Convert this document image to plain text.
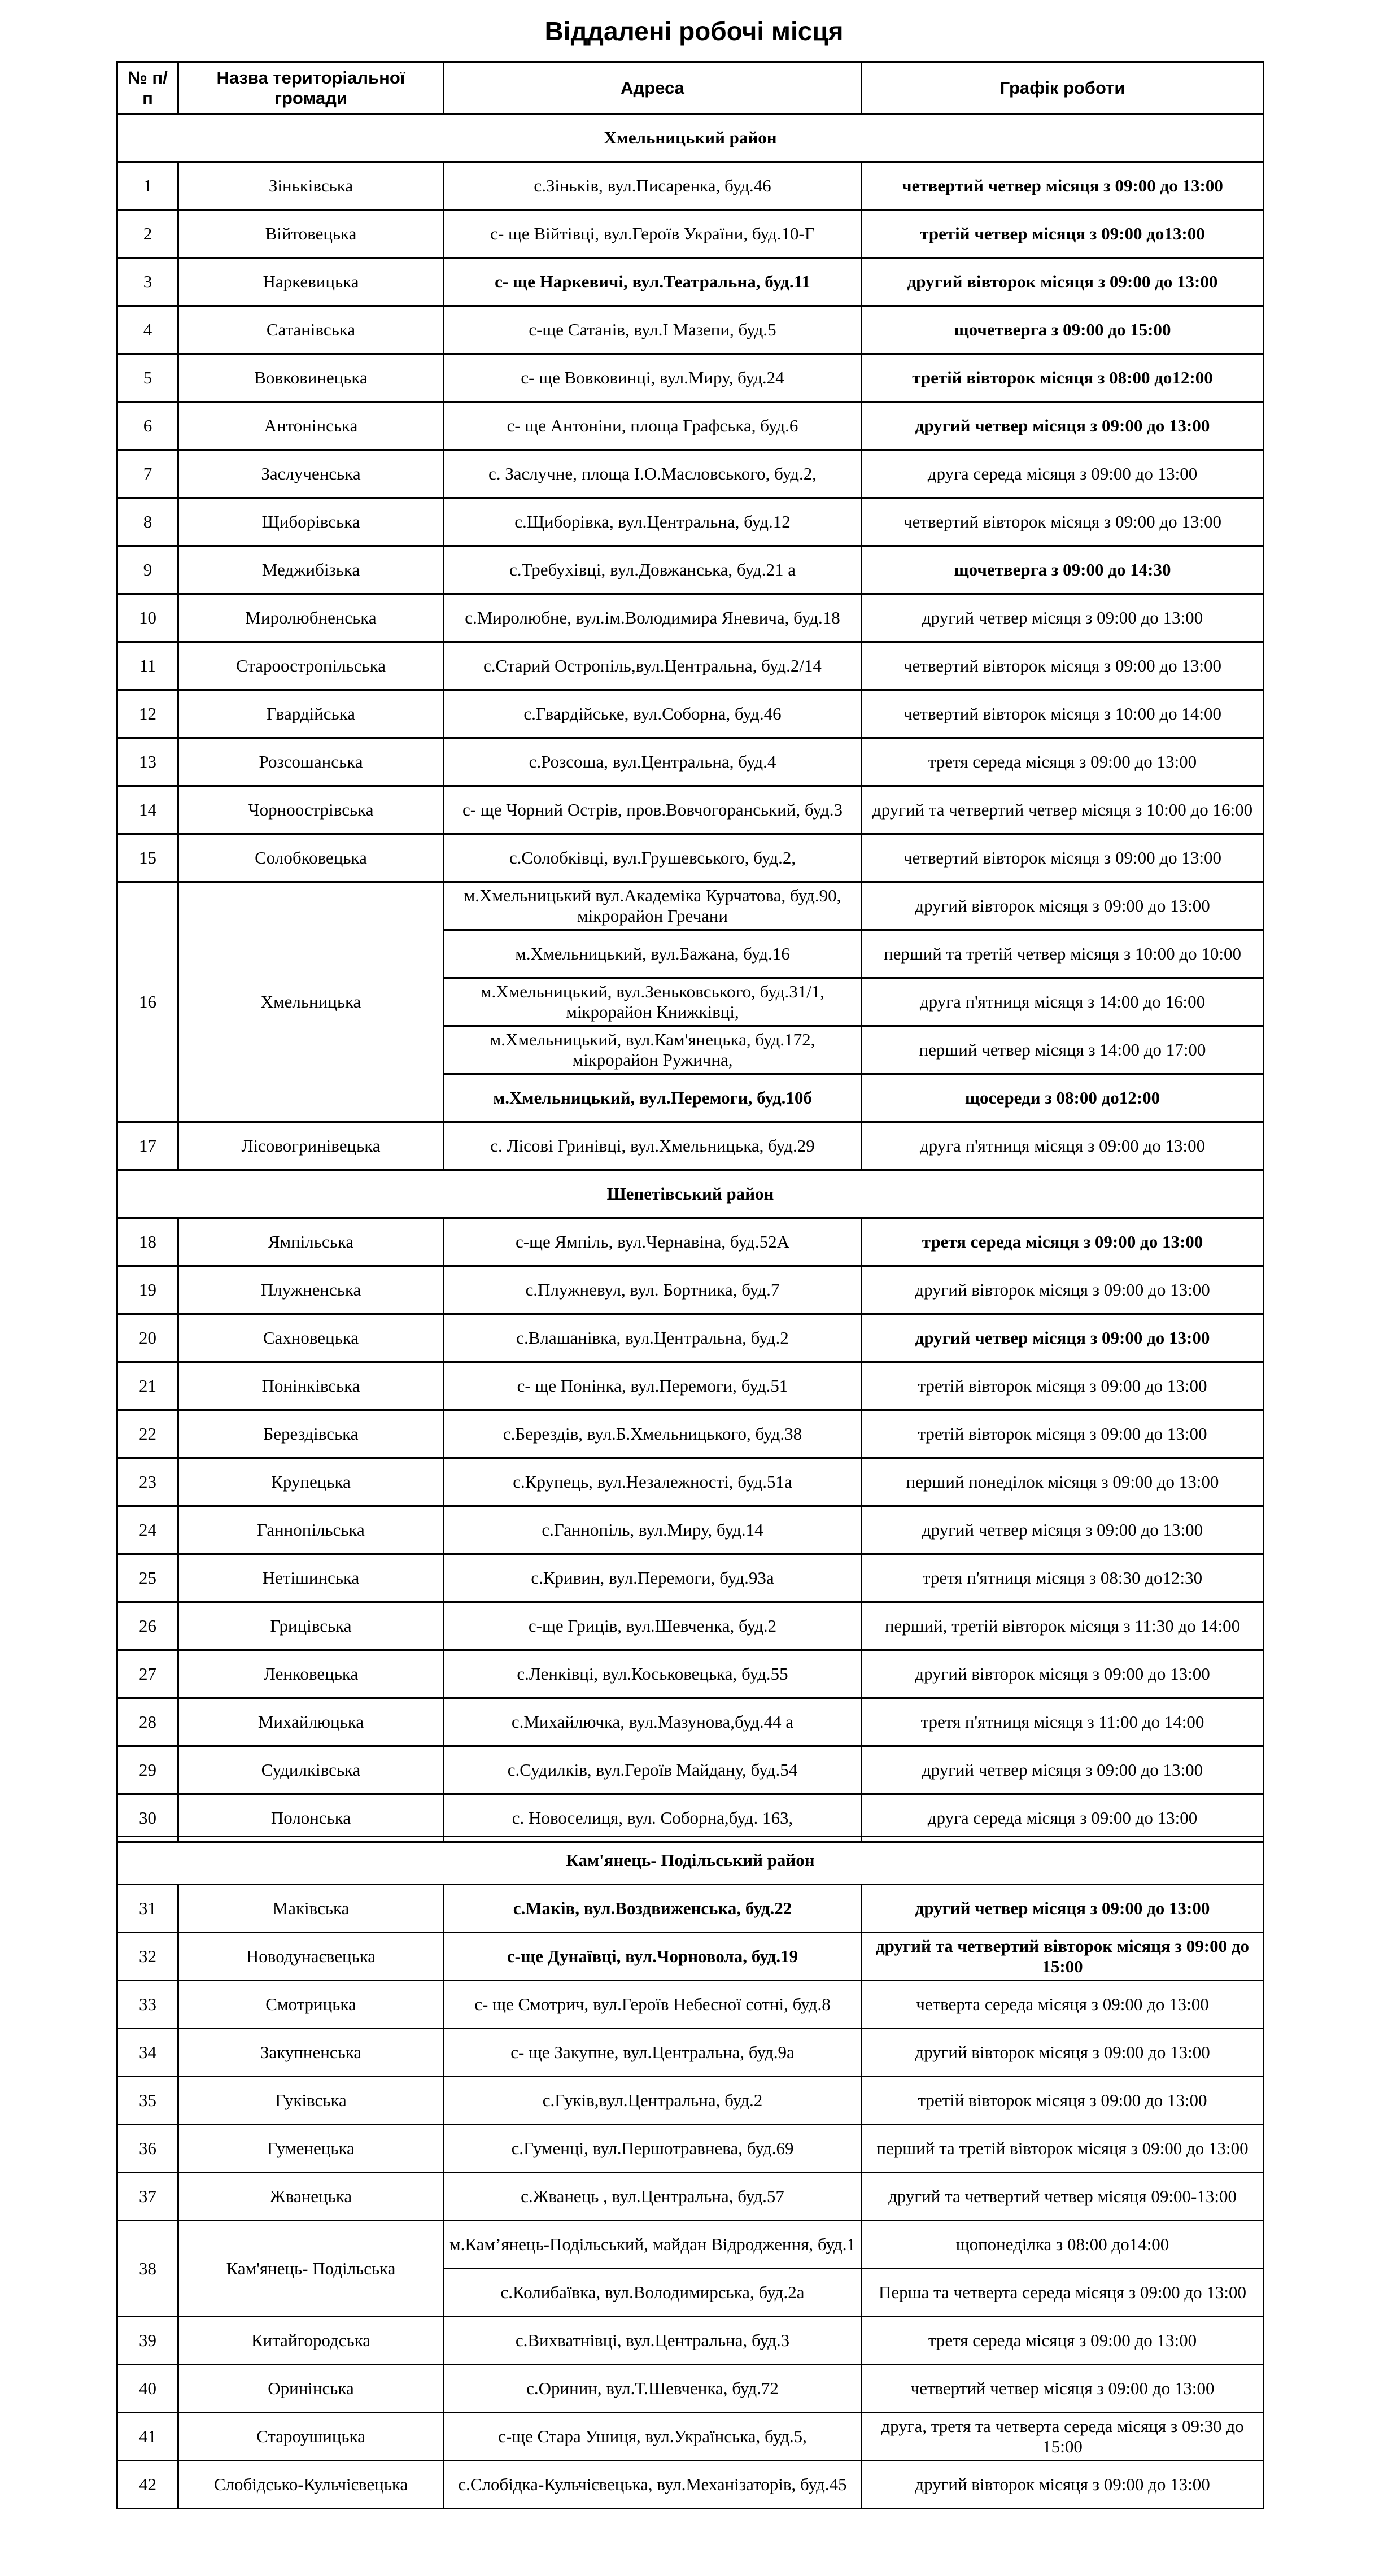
Віддалені робочі місця
№ п/п	Назва територіальної громади	Адреса	Графік роботи
Хмельницький район			
1	Зіньківська	с.Зіньків, вул.Писаренка, буд.46	четвертий четвер місяця з 09:00 до 13:00
2	Війтовецька	с- ще Війтівці, вул.Героїв України, буд.10-Г	третій четвер місяця з 09:00 до13:00
3	Наркевицька	с- ще Наркевичі, вул.Театральна, буд.11	другий вівторок місяця з 09:00 до 13:00
4	Сатанівська	с-ще Сатанів, вул.І Мазепи, буд.5	щочетверга з 09:00 до 15:00
5	Вовковинецька	с- ще Вовковинці, вул.Миру, буд.24	третій вівторок місяця з 08:00 до12:00
6	Антонінська	с- ще Антоніни, площа Графська, буд.6	другий четвер місяця з 09:00 до 13:00
7	Заслученська	с. Заслучне, площа І.О.Масловського, буд.2,	друга середа місяця з 09:00 до 13:00
8	Щиборівська	с.Щиборівка, вул.Центральна, буд.12	четвертий вівторок місяця з 09:00 до 13:00
9	Меджибізька	с.Требухівці, вул.Довжанська, буд.21 а	щочетверга з 09:00 до 14:30
10	Миролюбненська	с.Миролюбне, вул.ім.Володимира Яневича, буд.18	другий четвер місяця з 09:00 до 13:00
11	Староостропільська	с.Старий Остропіль,вул.Центральна, буд.2/14	четвертий вівторок місяця з 09:00 до 13:00
12	Гвардійська	с.Гвардійське, вул.Соборна, буд.46	четвертий вівторок місяця з 10:00 до 14:00
13	Розсошанська	с.Розсоша, вул.Центральна, буд.4	третя середа місяця з 09:00 до 13:00
14	Чорноострівська	с- ще Чорний Острів, пров.Вовчогоранський, буд.3	другий та четвертий четвер місяця з 10:00 до 16:00
15	Солобковецька	с.Солобківці, вул.Грушевського, буд.2,	четвертий вівторок місяця з 09:00 до 13:00
16	Хмельницька	м.Хмельницький вул.Академіка Курчатова, буд.90, мікрорайон Гречани	другий вівторок місяця з 09:00 до 13:00
		м.Хмельницький, вул.Бажана, буд.16	перший та третій четвер місяця з 10:00 до 10:00
		м.Хмельницький, вул.Зеньковського, буд.31/1, мікрорайон Книжківці,	друга п'ятниця місяця з 14:00 до 16:00
		м.Хмельницький, вул.Кам'янецька, буд.172, мікрорайон Ружична,	перший четвер місяця з 14:00 до 17:00
		м.Хмельницький, вул.Перемоги, буд.10б	щосереди з 08:00 до12:00
17	Лісовогринівецька	с. Лісові Гринівці, вул.Хмельницька, буд.29	друга п'ятниця місяця з 09:00 до 13:00
Шепетівський район			
18	Ямпільська	с-ще Ямпіль, вул.Чернавіна, буд.52А	третя середа місяця з 09:00 до 13:00
19	Плужненська	с.Плужневул, вул. Бортника, буд.7	другий вівторок місяця з 09:00 до 13:00
20	Сахновецька	с.Влашанівка, вул.Центральна, буд.2	другий четвер місяця з 09:00 до 13:00
21	Понінківська	с- ще Понінка, вул.Перемоги, буд.51	третій вівторок місяця з 09:00 до 13:00
22	Берездівська	с.Берездів, вул.Б.Хмельницького, буд.38	третій вівторок місяця з 09:00 до 13:00
23	Крупецька	с.Крупець, вул.Незалежності, буд.51а	перший понеділок місяця з 09:00 до 13:00
24	Ганнопільська	с.Ганнопіль, вул.Миру, буд.14	другий четвер місяця з 09:00 до 13:00
25	Нетішинська	с.Кривин, вул.Перемоги, буд.93а	третя п'ятниця місяця з 08:30 до12:30
26	Грицівська	с-ще Гриців, вул.Шевченка, буд.2	перший, третій вівторок місяця з 11:30 до 14:00
27	Ленковецька	с.Ленківці, вул.Коськовецька, буд.55	другий вівторок місяця з 09:00 до 13:00
28	Михайлюцька	с.Михайлючка, вул.Мазунова,буд.44 а	третя п'ятниця місяця з 11:00 до 14:00
29	Судилківська	с.Судилків, вул.Героїв Майдану, буд.54	другий четвер місяця з 09:00 до 13:00
30	Полонська	с. Новоселиця, вул. Соборна,буд. 163,	друга середа місяця з 09:00 до 13:00
Кам'янець- Подільський район			
31	Маківська	с.Маків, вул.Воздвиженська, буд.22	другий четвер місяця з 09:00 до 13:00
32	Новодунаєвецька	с-ще Дунаївці, вул.Чорновола, буд.19	другий та четвертий вівторок місяця з 09:00 до 15:00
33	Смотрицька	с- ще Смотрич, вул.Героїв Небесної сотні, буд.8	четверта середа місяця з 09:00 до 13:00
34	Закупненська	с- ще Закупне, вул.Центральна, буд.9а	другий вівторок місяця з 09:00 до 13:00
35	Гуківська	с.Гуків,вул.Центральна, буд.2	третій вівторок місяця з 09:00 до 13:00
36	Гуменецька	с.Гуменці, вул.Першотравнева, буд.69	перший та третій вівторок місяця з 09:00 до 13:00
37	Жванецька	с.Жванець , вул.Центральна, буд.57	другий та четвертий четвер місяця 09:00-13:00
38	Кам'янець- Подільська	м.Кам’янець-Подільський, майдан Відродження, буд.1	щопонеділка з 08:00 до14:00
		с.Колибаївка, вул.Володимирська, буд.2а	Перша та четверта середа місяця з 09:00 до 13:00
39	Китайгородська	с.Вихватнівці, вул.Центральна, буд.3	третя середа місяця з 09:00 до 13:00
40	Оринінська	с.Оринин, вул.Т.Шевченка, буд.72	четвертий четвер місяця з 09:00 до 13:00
41	Староушицька	с-ще Стара Ушиця, вул.Українська, буд.5,	друга, третя та четверта середа місяця з 09:30 до 15:00
42	Слобідсько-Кульчієвецька	с.Слобідка-Кульчієвецька, вул.Механізаторів, буд.45	другий вівторок місяця з 09:00 до 13:00
